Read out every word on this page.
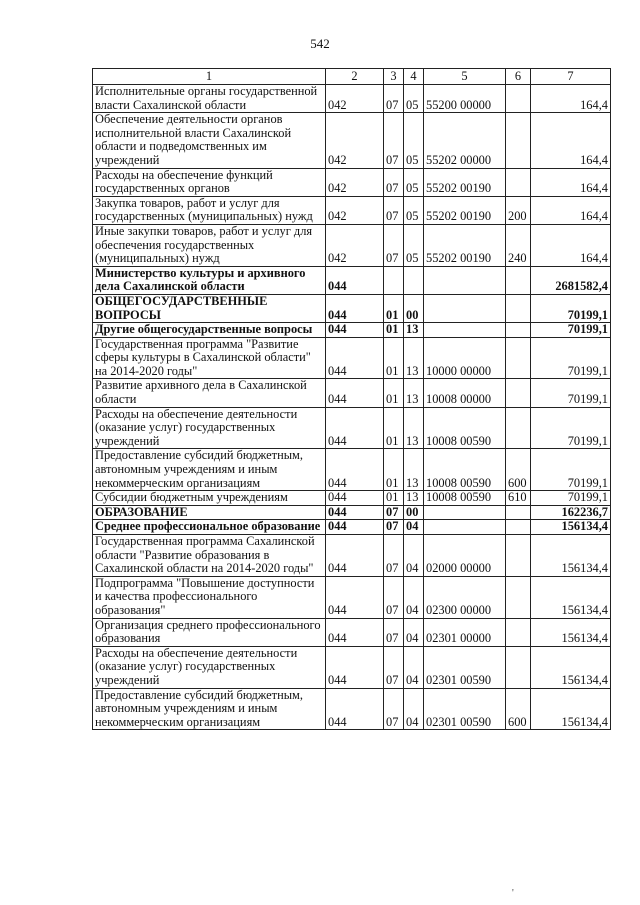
542
1	2	3	4	5	6	7
Исполнительные органы государственной власти Сахалинской области	042	07	05	55200 00000		164,4
Обеспечение деятельности органов исполнительной власти Сахалинской области и подведомственных им учреждений	042	07	05	55202 00000		164,4
Расходы на обеспечение функций государственных органов	042	07	05	55202 00190		164,4
Закупка товаров, работ и услуг для государственных (муниципальных) нужд	042	07	05	55202 00190	200	164,4
Иные закупки товаров, работ и услуг для обеспечения государственных (муниципальных) нужд	042	07	05	55202 00190	240	164,4
Министерство культуры и архивного дела Сахалинской области	044					2681582,4
ОБЩЕГОСУДАРСТВЕННЫЕ ВОПРОСЫ	044	01	00			70199,1
Другие общегосударственные вопросы	044	01	13			70199,1
Государственная программа "Развитие сферы культуры в Сахалинской области" на 2014-2020 годы"	044	01	13	10000 00000		70199,1
Развитие архивного дела в Сахалинской области	044	01	13	10008 00000		70199,1
Расходы на обеспечение деятельности (оказание услуг) государственных учреждений	044	01	13	10008 00590		70199,1
Предоставление субсидий бюджетным, автономным учреждениям и иным некоммерческим организациям	044	01	13	10008 00590	600	70199,1
Субсидии бюджетным учреждениям	044	01	13	10008 00590	610	70199,1
ОБРАЗОВАНИЕ	044	07	00			162236,7
Среднее профессиональное образование	044	07	04			156134,4
Государственная программа Сахалинской области "Развитие образования в Сахалинской области на 2014-2020 годы"	044	07	04	02000 00000		156134,4
Подпрограмма "Повышение доступности и качества профессионального образования"	044	07	04	02300 00000		156134,4
Организация среднего профессионального образования	044	07	04	02301 00000		156134,4
Расходы на обеспечение деятельности (оказание услуг) государственных учреждений	044	07	04	02301 00590		156134,4
Предоставление субсидий бюджетным, автономным учреждениям и иным некоммерческим организациям	044	07	04	02301 00590	600	156134,4
'
